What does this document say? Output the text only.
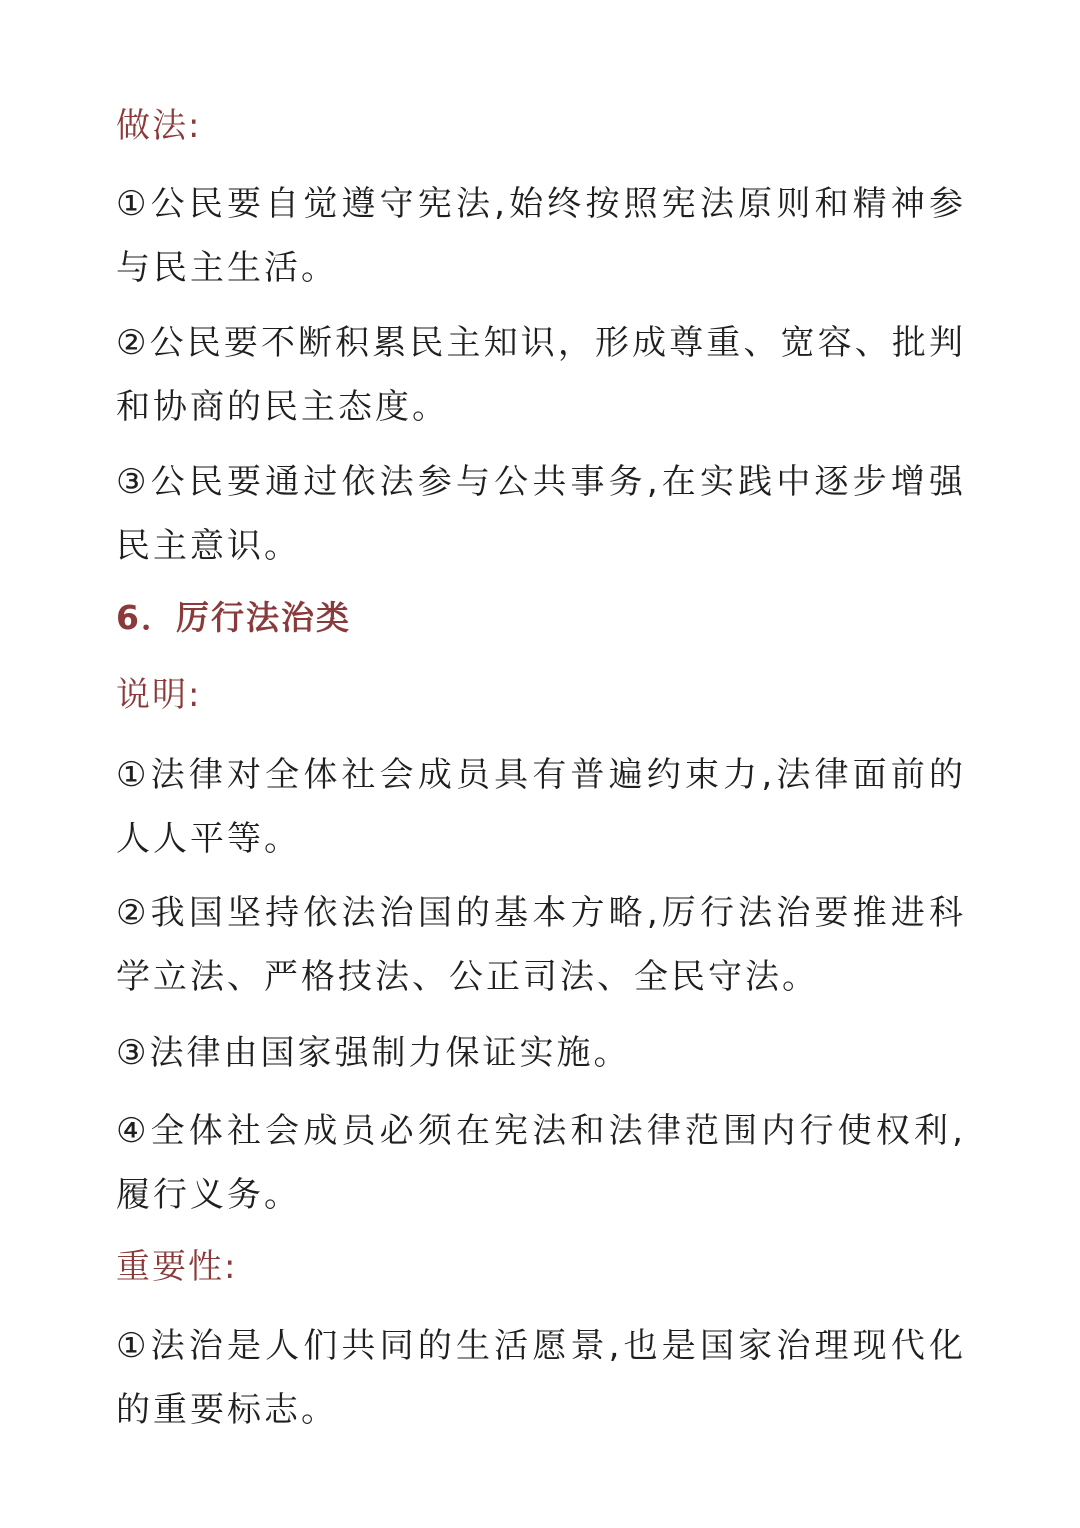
做法:
①公民要自觉遵守宪法,始终按照宪法原则和精神参与民主生活。
②公民要不断积累民主知识，形成尊重、宽容、批判和协商的民主态度。
③公民要通过依法参与公共事务,在实践中逐步增强民主意识。
6．厉行法治类
说明:
①法律对全体社会成员具有普遍约束力,法律面前的人人平等。
②我国坚持依法治国的基本方略,厉行法治要推进科学立法、严格技法、公正司法、全民守法。
③法律由国家强制力保证实施。
④全体社会成员必须在宪法和法律范围内行使权利,履行义务。
重要性:
①法治是人们共同的生活愿景,也是国家治理现代化的重要标志。
